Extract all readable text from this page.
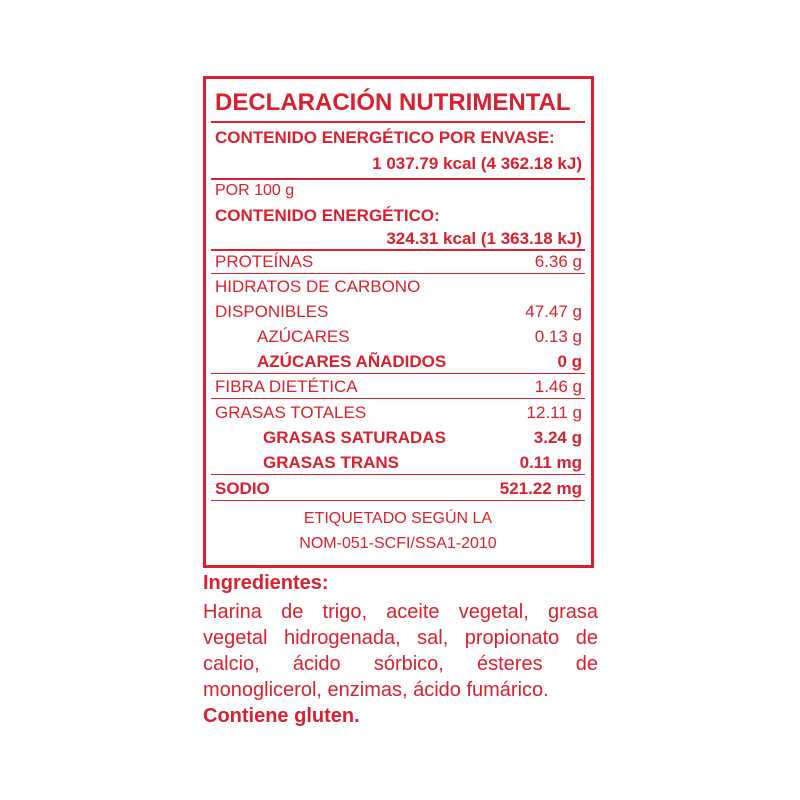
DECLARACIÓN NUTRIMENTAL
CONTENIDO ENERGÉTICO POR ENVASE:
1 037.79 kcal (4 362.18 kJ)
POR 100 g
CONTENIDO ENERGÉTICO:
324.31 kcal (1 363.18 kJ)
PROTEÍNAS	6.36 g
HIDRATOS DE CARBONO
DISPONIBLES	47.47 g
AZÚCARES	0.13 g
AZÚCARES AÑADIDOS	0 g
FIBRA DIETÉTICA	1.46 g
GRASAS TOTALES	12.11 g
GRASAS SATURADAS	3.24 g
GRASAS TRANS	0.11 mg
SODIO	521.22 mg
ETIQUETADO SEGÚN LA
NOM-051-SCFI/SSA1-2010
Ingredientes:
Harina de trigo, aceite vegetal, grasa vegetal hidrogenada, sal, propionato de calcio, ácido sórbico, ésteres de monoglicerol, enzimas, ácido fumárico.
Contiene gluten.
